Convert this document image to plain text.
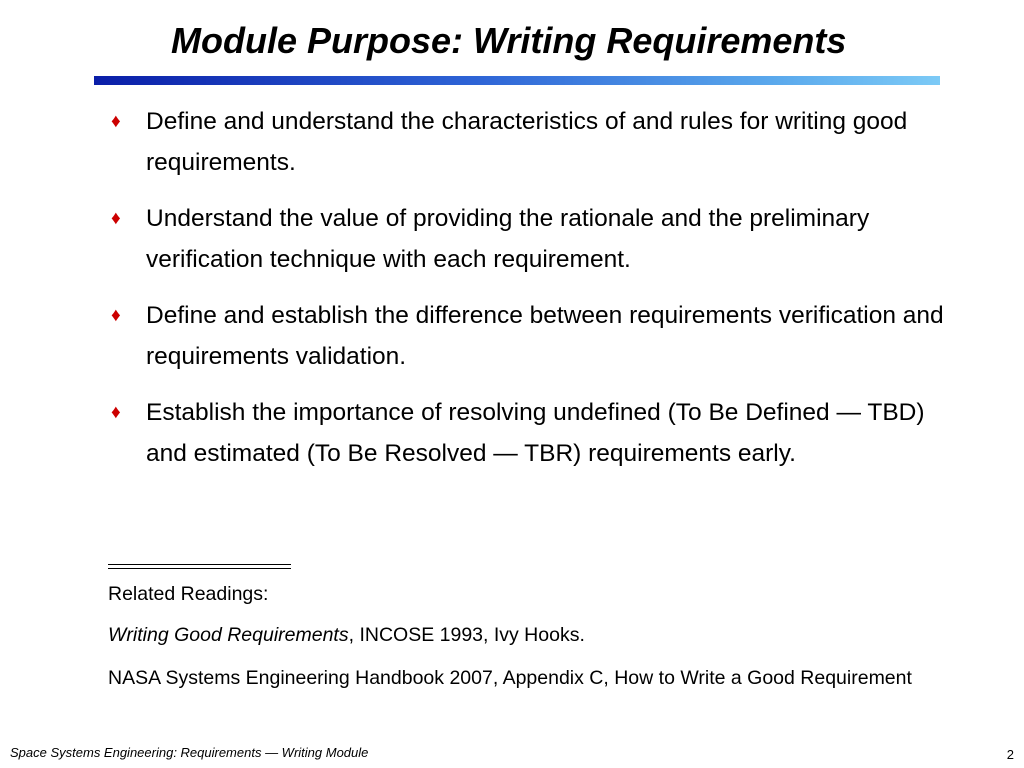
Module Purpose: Writing Requirements
♦ Define and understand the characteristics of and rules for writing good requirements.
♦ Understand the value of providing the rationale and the preliminary verification technique with each requirement.
♦ Define and establish the difference between requirements verification and requirements validation.
♦ Establish the importance of resolving undefined (To Be Defined — TBD) and estimated (To Be Resolved — TBR) requirements early.
Related Readings:
Writing Good Requirements, INCOSE 1993, Ivy Hooks.
NASA Systems Engineering Handbook 2007, Appendix C, How to Write a Good Requirement
Space Systems Engineering: Requirements — Writing Module	2
